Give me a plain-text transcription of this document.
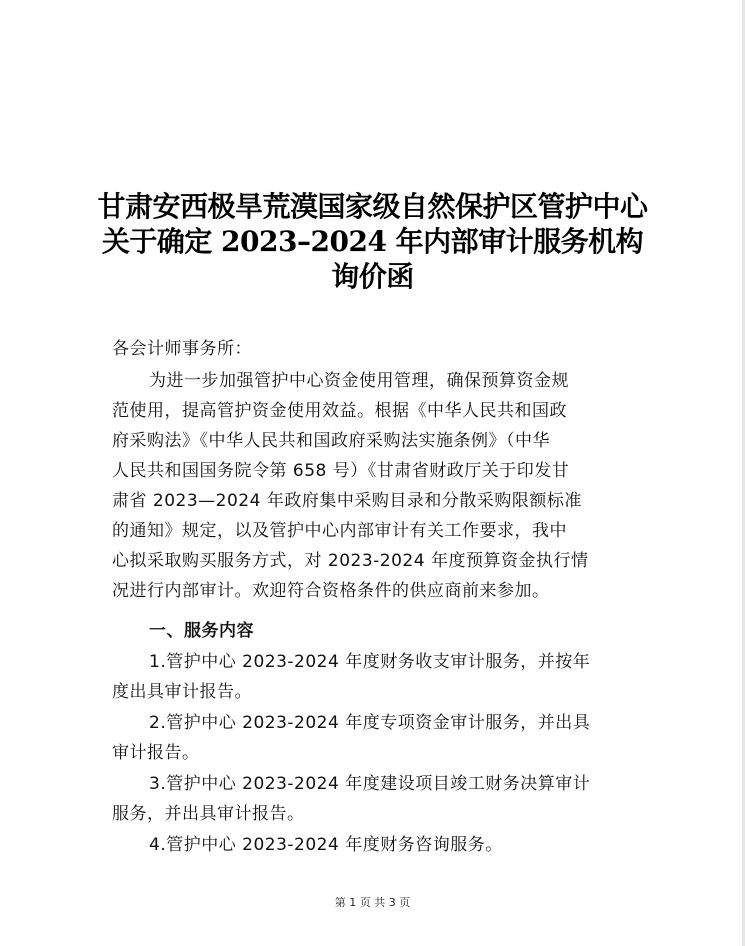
甘肃安西极旱荒漠国家级自然保护区管护中心
关于确定 2023–2024 年内部审计服务机构
询价函
各会计师事务所：
为进一步加强管护中心资金使用管理，确保预算资金规
范使用，提高管护资金使用效益。根据《中华人民共和国政
府采购法》《中华人民共和国政府采购法实施条例》（中华
人民共和国国务院令第 658 号）《甘肃省财政厅关于印发甘
肃省 2023—2024 年政府集中采购目录和分散采购限额标准
的通知》规定，以及管护中心内部审计有关工作要求，我中
心拟采取购买服务方式，对 2023-2024 年度预算资金执行情
况进行内部审计。欢迎符合资格条件的供应商前来参加。
一、服务内容
1.管护中心 2023-2024 年度财务收支审计服务，并按年
度出具审计报告。
2.管护中心 2023-2024 年度专项资金审计服务，并出具
审计报告。
3.管护中心 2023-2024 年度建设项目竣工财务决算审计
服务，并出具审计报告。
4.管护中心 2023-2024 年度财务咨询服务。
第 1 页 共 3 页
